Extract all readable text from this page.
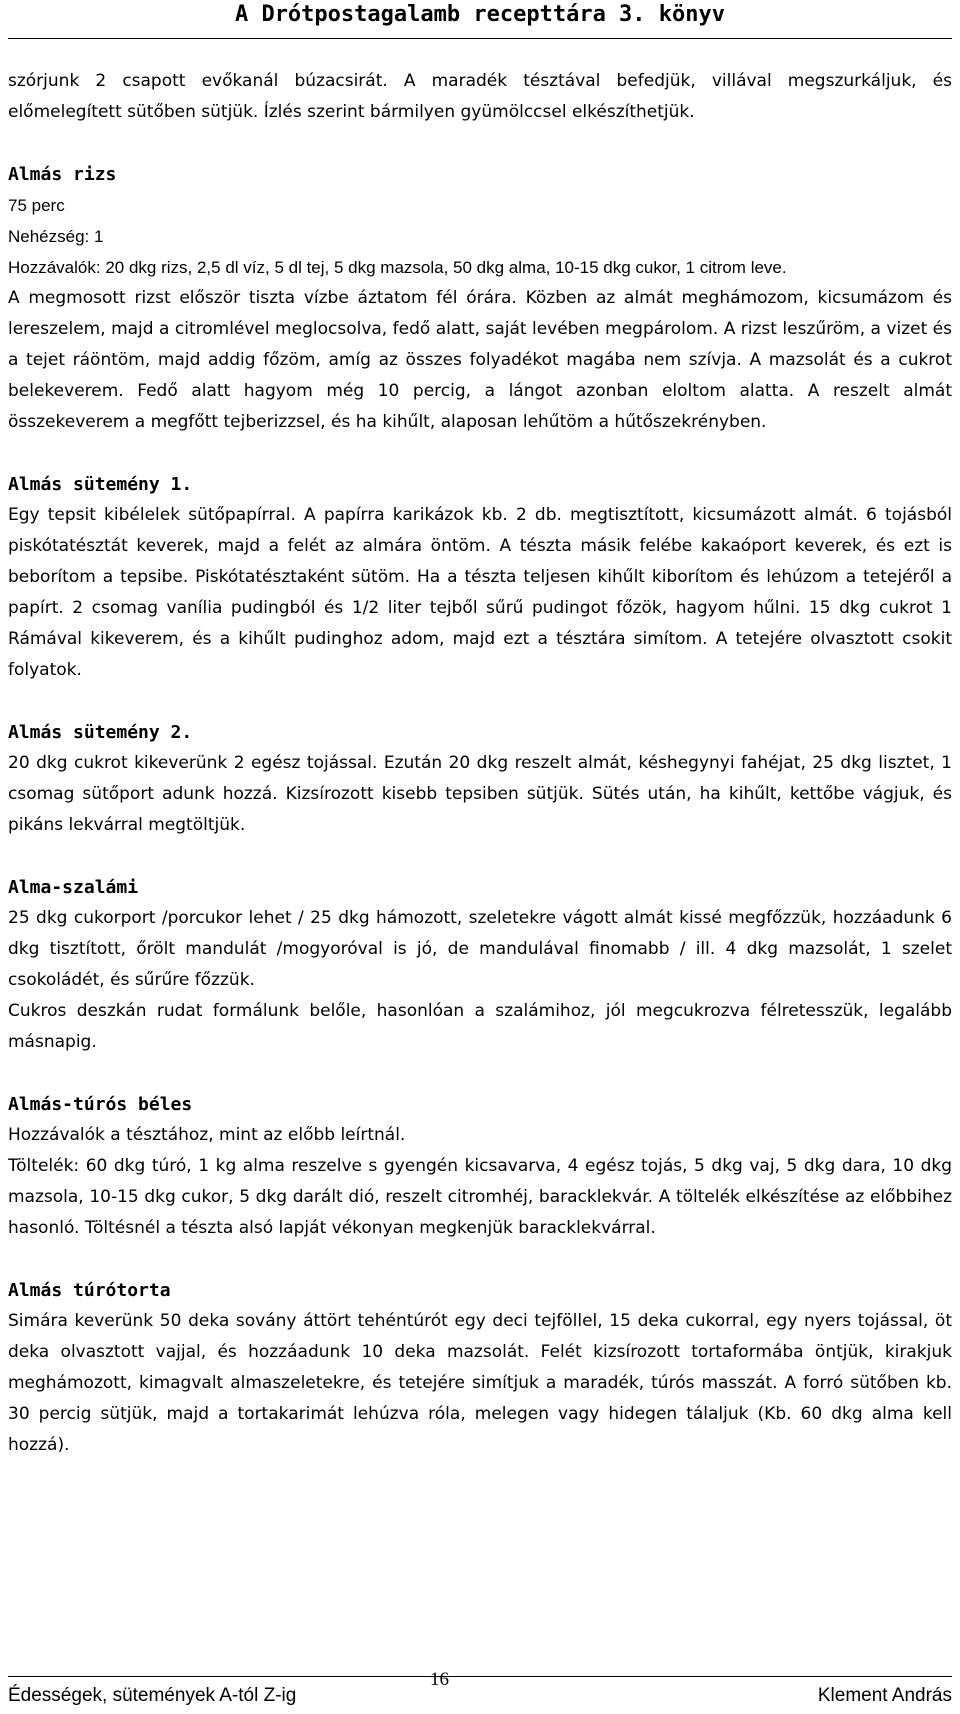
A Drótpostagalamb recepttára 3. könyv

szórjunk 2 csapott evőkanál búzacsirát. A maradék tésztával befedjük, villával megszurkáljuk, és előmelegített sütőben sütjük. Ízlés szerint bármilyen gyümölccsel elkészíthetjük.

Almás rizs

75 perc

Nehézség: 1

Hozzávalók: 20 dkg rizs, 2,5 dl víz, 5 dl tej, 5 dkg mazsola, 50 dkg alma, 10-15 dkg cukor, 1 citrom leve.

A megmosott rizst először tiszta vízbe áztatom fél órára. Közben az almát meghámozom, kicsumázom és lereszelem, majd a citromlével meglocsolva, fedő alatt, saját levében megpárolom. A rizst leszűröm, a vizet és a tejet ráöntöm, majd addig főzöm, amíg az összes folyadékot magába nem szívja. A mazsolát és a cukrot belekeverem. Fedő alatt hagyom még 10 percig, a lángot azonban eloltom alatta. A reszelt almát összekeverem a megfőtt tejberizzsel, és ha kihűlt, alaposan lehűtöm a hűtőszekrényben.

Almás sütemény 1.

Egy tepsit kibélelek sütőpapírral. A papírra karikázok kb. 2 db. megtisztított, kicsumázott almát. 6 tojásból piskótatésztát keverek, majd a felét az almára öntöm. A tészta másik felébe kakaóport keverek, és ezt is beborítom a tepsibe. Piskótatésztaként sütöm. Ha a tészta teljesen kihűlt kiborítom és lehúzom a tetejéről a papírt. 2 csomag vanília pudingból és 1/2 liter tejből sűrű pudingot főzök, hagyom hűlni. 15 dkg cukrot 1 Rámával kikeverem, és a kihűlt pudinghoz adom, majd ezt a tésztára simítom. A tetejére olvasztott csokit folyatok.

Almás sütemény 2.

20 dkg cukrot kikeverünk 2 egész tojással. Ezután 20 dkg reszelt almát, késhegynyi fahéjat, 25 dkg lisztet, 1 csomag sütőport adunk hozzá. Kizsírozott kisebb tepsiben sütjük. Sütés után, ha kihűlt, kettőbe vágjuk, és pikáns lekvárral megtöltjük.

Alma-szalámi

25 dkg cukorport /porcukor lehet / 25 dkg hámozott, szeletekre vágott almát kissé megfőzzük, hozzáadunk 6 dkg tisztított, őrölt mandulát /mogyoróval is jó, de mandulával finomabb / ill. 4 dkg mazsolát, 1 szelet csokoládét, és sűrűre főzzük.

Cukros deszkán rudat formálunk belőle, hasonlóan a szalámihoz, jól megcukrozva félretesszük, legalább másnapig.

Almás-túrós béles

Hozzávalók a tésztához, mint az előbb leírtnál.

Töltelék: 60 dkg túró, 1 kg alma reszelve s gyengén kicsavarva, 4 egész tojás, 5 dkg vaj, 5 dkg dara, 10 dkg mazsola, 10-15 dkg cukor, 5 dkg darált dió, reszelt citromhéj, baracklekvár. A töltelék elkészítése az előbbihez hasonló. Töltésnél a tészta alsó lapját vékonyan megkenjük baracklekvárral.

Almás túrótorta

Simára keverünk 50 deka sovány áttört tehéntúrót egy deci tejföllel, 15 deka cukorral, egy nyers tojással, öt deka olvasztott vajjal, és hozzáadunk 10 deka mazsolát. Felét kizsírozott tortaformába öntjük, kirakjuk meghámozott, kimagvalt almaszeletekre, és tetejére simítjuk a maradék, túrós masszát. A forró sütőben kb. 30 percig sütjük, majd a tortakarimát lehúzva róla, melegen vagy hidegen tálaljuk (Kb. 60 dkg alma kell hozzá).

Édességek, sütemények A-tól Z-ig
16
Klement András
